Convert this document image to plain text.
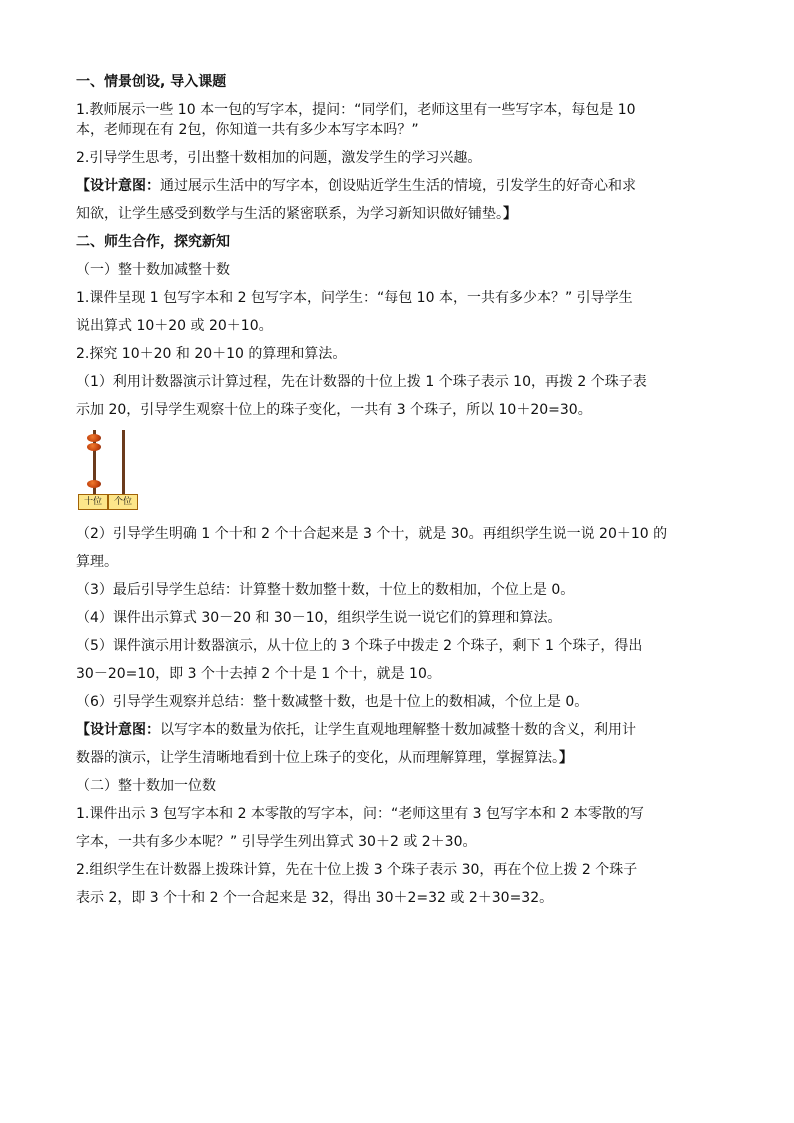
一、情景创设, 导入课题

1.教师展示一些 10 本一包的写字本，提问：“同学们，老师这里有一些写字本，每包是 10

本，老师现在有 2包，你知道一共有多少本写字本吗？”

2.引导学生思考，引出整十数相加的问题，激发学生的学习兴趣。

【设计意图：通过展示生活中的写字本，创设贴近学生生活的情境，引发学生的好奇心和求

知欲，让学生感受到数学与生活的紧密联系，为学习新知识做好铺垫。】

二、师生合作，探究新知

（一）整十数加减整十数

1.课件呈现 1 包写字本和 2 包写字本，问学生：“每包 10 本，一共有多少本？” 引导学生

说出算式 10＋20 或 20＋10。

2.探究 10＋20 和 20＋10 的算理和算法。

（1）利用计数器演示计算过程，先在计数器的十位上拨 1 个珠子表示 10，再拨 2 个珠子表

示加 20，引导学生观察十位上的珠子变化，一共有 3 个珠子，所以 10＋20=30。

十位	个位

（2）引导学生明确 1 个十和 2 个十合起来是 3 个十，就是 30。再组织学生说一说 20＋10 的

算理。

（3）最后引导学生总结：计算整十数加整十数，十位上的数相加，个位上是 0。

（4）课件出示算式 30－20 和 30－10，组织学生说一说它们的算理和算法。

（5）课件演示用计数器演示，从十位上的 3 个珠子中拨走 2 个珠子，剩下 1 个珠子，得出

30－20=10，即 3 个十去掉 2 个十是 1 个十，就是 10。

（6）引导学生观察并总结：整十数减整十数，也是十位上的数相减，个位上是 0。

【设计意图：以写字本的数量为依托，让学生直观地理解整十数加减整十数的含义，利用计

数器的演示，让学生清晰地看到十位上珠子的变化，从而理解算理，掌握算法。】

（二）整十数加一位数

1.课件出示 3 包写字本和 2 本零散的写字本，问：“老师这里有 3 包写字本和 2 本零散的写

字本，一共有多少本呢？” 引导学生列出算式 30＋2 或 2＋30。

2.组织学生在计数器上拨珠计算，先在十位上拨 3 个珠子表示 30，再在个位上拨 2 个珠子

表示 2，即 3 个十和 2 个一合起来是 32，得出 30＋2=32 或 2＋30=32。
